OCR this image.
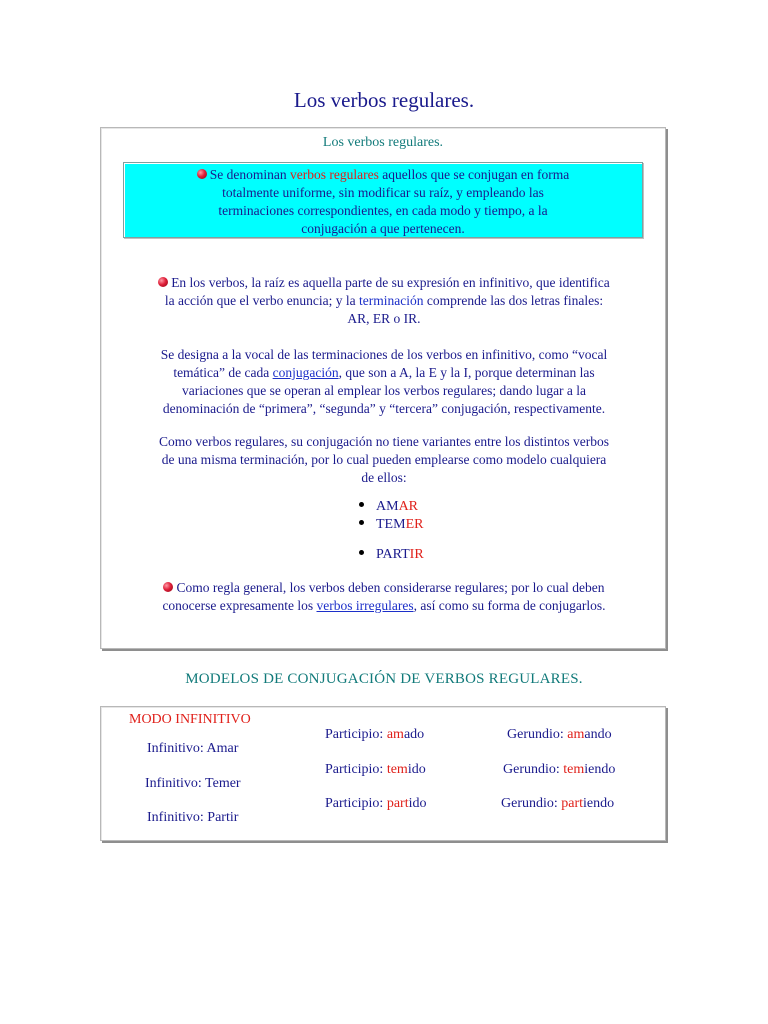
Los verbos regulares.
Los verbos regulares.
Se denominan verbos regulares aquellos que se conjugan en forma
totalmente uniforme, sin modificar su raíz, y empleando las
terminaciones correspondientes, en cada modo y tiempo, a la
conjugación a que pertenecen.
En los verbos, la raíz es aquella parte de su expresión en infinitivo, que identifica
la acción que el verbo enuncia; y la terminación comprende las dos letras finales:
AR, ER o IR.
Se designa a la vocal de las terminaciones de los verbos en infinitivo, como “vocal
temática” de cada conjugación, que son a A, la E y la I, porque determinan las
variaciones que se operan al emplear los verbos regulares; dando lugar a la
denominación de “primera”, “segunda” y “tercera” conjugación, respectivamente.
Como verbos regulares, su conjugación no tiene variantes entre los distintos verbos
de una misma terminación, por lo cual pueden emplearse como modelo cualquiera
de ellos:
AMAR
TEMER
PARTIR
Como regla general, los verbos deben considerarse regulares; por lo cual deben
conocerse expresamente los verbos irregulares, así como su forma de conjugarlos.
MODELOS DE CONJUGACIÓN DE VERBOS REGULARES.
MODO INFINITIVO
Infinitivo: Amar
Infinitivo: Temer
Infinitivo: Partir
Participio: amado
Participio: temido
Participio: partido
Gerundio: amando
Gerundio: temiendo
Gerundio: partiendo
